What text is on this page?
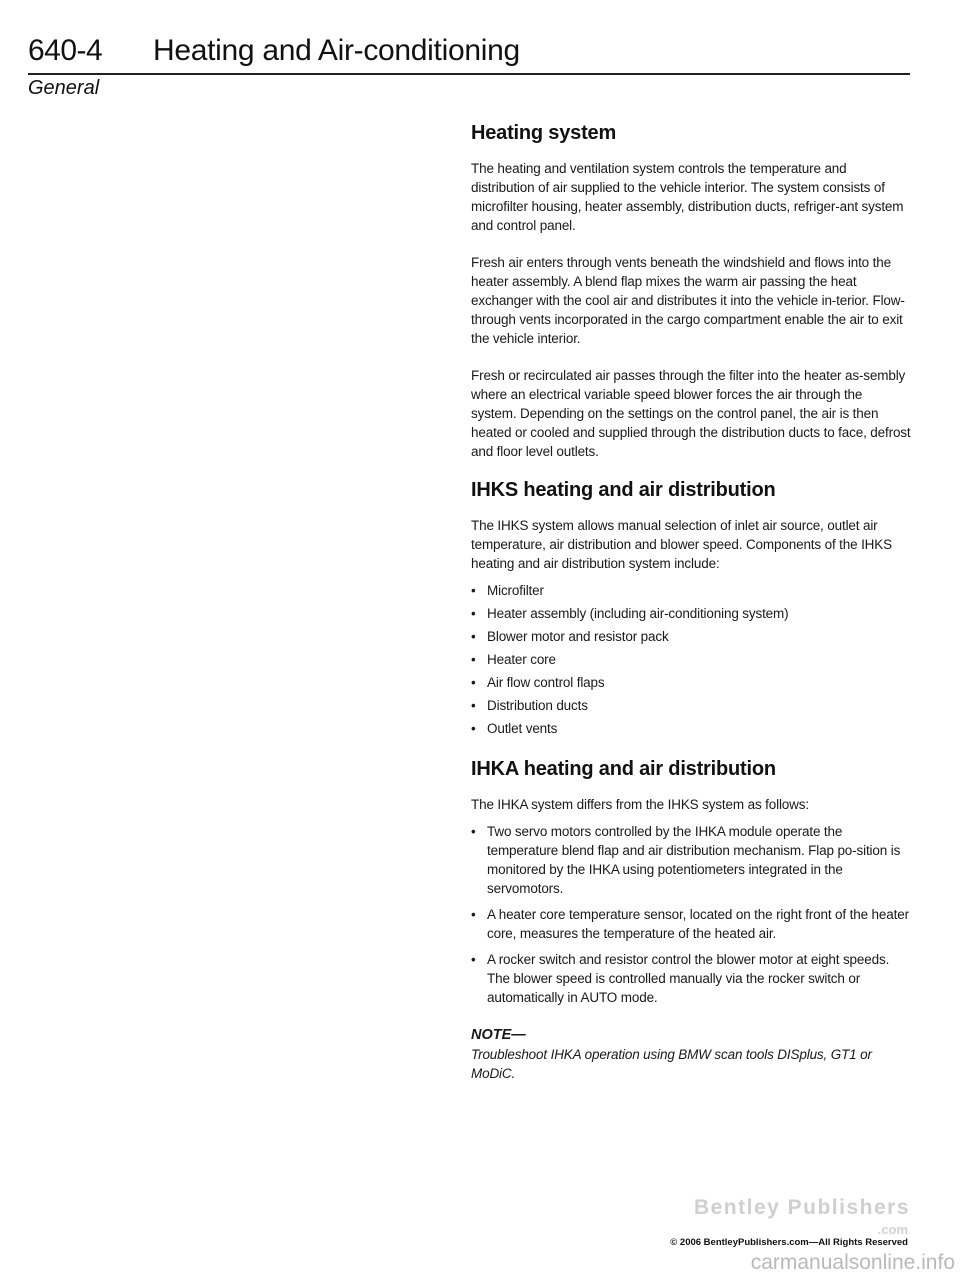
640-4 Heating and Air-conditioning
General
Heating system

The heating and ventilation system controls the temperature and distribution of air supplied to the vehicle interior. The system consists of microfilter housing, heater assembly, distribution ducts, refriger-ant system and control panel.

Fresh air enters through vents beneath the windshield and flows into the heater assembly. A blend flap mixes the warm air passing the heat exchanger with the cool air and distributes it into the vehicle in-terior. Flow-through vents incorporated in the cargo compartment enable the air to exit the vehicle interior.

Fresh or recirculated air passes through the filter into the heater as-sembly where an electrical variable speed blower forces the air through the system. Depending on the settings on the control panel, the air is then heated or cooled and supplied through the distribution ducts to face, defrost and floor level outlets.

IHKS heating and air distribution

The IHKS system allows manual selection of inlet air source, outlet air temperature, air distribution and blower speed. Components of the IHKS heating and air distribution system include:

• Microfilter
• Heater assembly (including air-conditioning system)
• Blower motor and resistor pack
• Heater core
• Air flow control flaps
• Distribution ducts
• Outlet vents
IHKA heating and air distribution

The IHKA system differs from the IHKS system as follows:

• Two servo motors controlled by the IHKA module operate the temperature blend flap and air distribution mechanism. Flap po-sition is monitored by the IHKA using potentiometers integrated in the servomotors.
• A heater core temperature sensor, located on the right front of the heater core, measures the temperature of the heated air.
• A rocker switch and resistor control the blower motor at eight speeds. The blower speed is controlled manually via the rocker switch or automatically in AUTO mode.
NOTE—
Troubleshoot IHKA operation using BMW scan tools DISplus, GT1 or MoDiC.
Bentley Publishers
.com
© 2006 BentleyPublishers.com—All Rights Reserved
carmanualsonline.info
